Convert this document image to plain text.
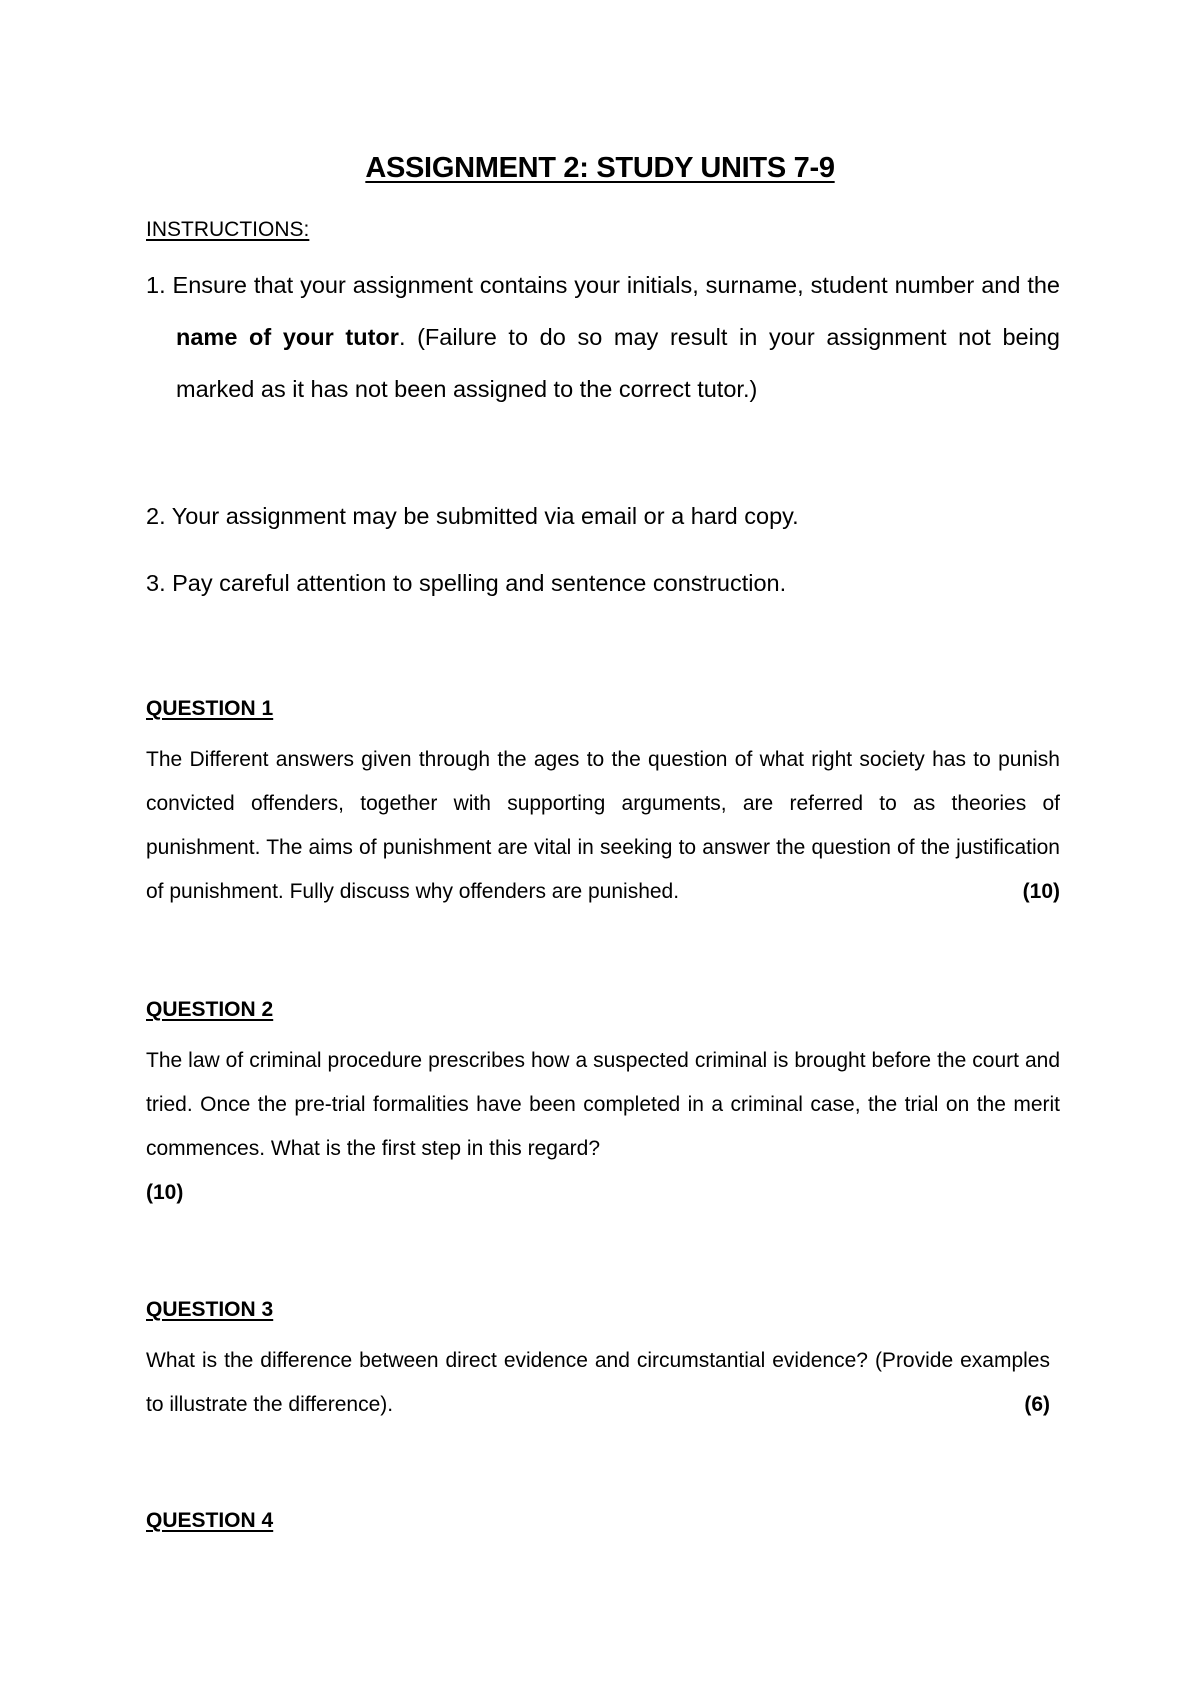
ASSIGNMENT 2: STUDY UNITS 7-9
INSTRUCTIONS:
1. Ensure that your assignment contains your initials, surname, student number and the name of your tutor. (Failure to do so may result in your assignment not being marked as it has not been assigned to the correct tutor.)
2. Your assignment may be submitted via email or a hard copy.
3. Pay careful attention to spelling and sentence construction.
QUESTION 1
The Different answers given through the ages to the question of what right society has to punish convicted offenders, together with supporting arguments, are referred to as theories of punishment. The aims of punishment are vital in seeking to answer the question of the justification of punishment. Fully discuss why offenders are punished.	(10)
QUESTION 2
The law of criminal procedure prescribes how a suspected criminal is brought before the court and tried. Once the pre-trial formalities have been completed in a criminal case, the trial on the merit commences. What is the first step in this regard?
(10)
QUESTION 3
What is the difference between direct evidence and circumstantial evidence? (Provide examples to illustrate the difference).	(6)
QUESTION 4
